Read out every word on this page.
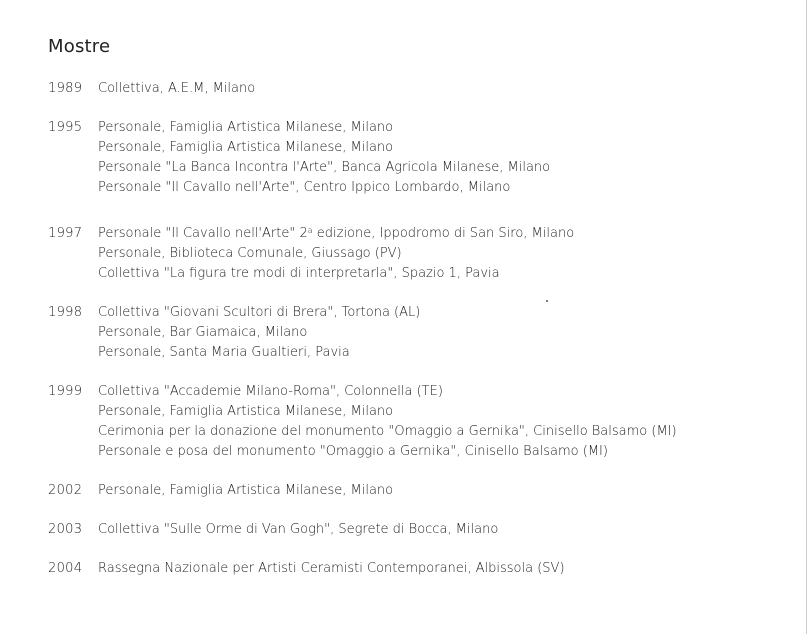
Mostre
1989	Collettiva, A.E.M, Milano
1995	Personale, Famiglia Artistica Milanese, Milano
Personale, Famiglia Artistica Milanese, Milano
Personale "La Banca Incontra l'Arte", Banca Agricola Milanese, Milano
Personale "Il Cavallo nell'Arte", Centro Ippico Lombardo, Milano
1997	Personale "Il Cavallo nell'Arte" 2$^a$ edizione, Ippodromo di San Siro, Milano
Personale, Biblioteca Comunale, Giussago (PV)
Collettiva "La figura tre modi di interpretarla", Spazio 1, Pavia
1998	Collettiva "Giovani Scultori di Brera", Tortona (AL)
Personale, Bar Giamaica, Milano
Personale, Santa Maria Gualtieri, Pavia
1999	Collettiva "Accademie Milano-Roma", Colonnella (TE)
Personale, Famiglia Artistica Milanese, Milano
Cerimonia per la donazione del monumento "Omaggio a Gernika", Cinisello Balsamo (MI)
Personale e posa del monumento "Omaggio a Gernika", Cinisello Balsamo (MI)
2002	Personale, Famiglia Artistica Milanese, Milano
2003	Collettiva "Sulle Orme di Van Gogh", Segrete di Bocca, Milano
2004	Rassegna Nazionale per Artisti Ceramisti Contemporanei, Albissola (SV)
